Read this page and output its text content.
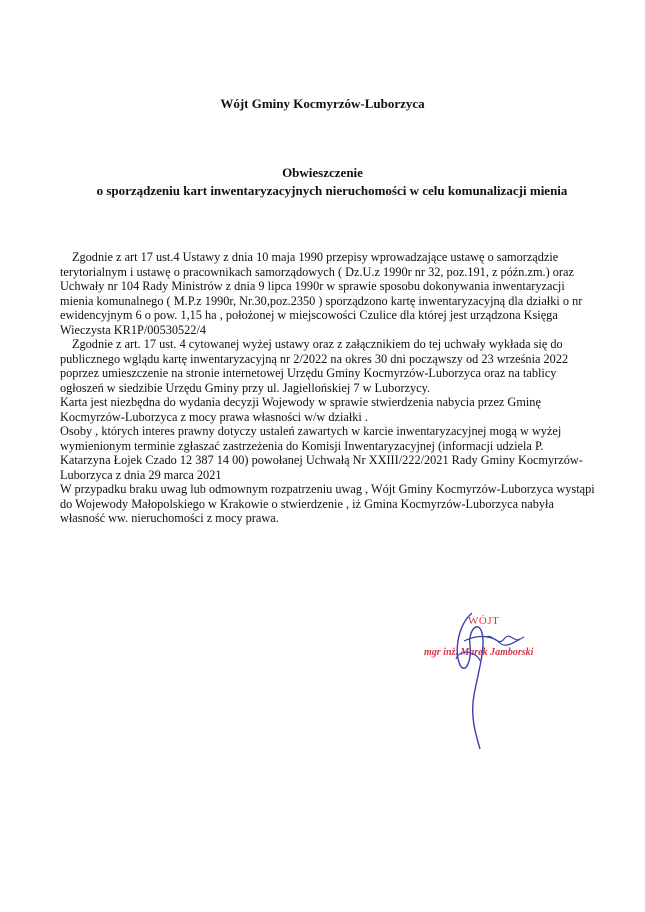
Wójt Gminy Kocmyrzów-Luborzyca
Obwieszczenie
o sporządzeniu kart inwentaryzacyjnych nieruchomości w celu komunalizacji mienia

Zgodnie z art 17 ust.4 Ustawy z dnia 10 maja 1990 przepisy wprowadzające ustawę o samorządzie terytorialnym i ustawę o pracownikach samorządowych ( Dz.U.z 1990r nr 32, poz.191, z późn.zm.) oraz Uchwały nr 104 Rady Ministrów z dnia 9 lipca 1990r w sprawie sposobu dokonywania inwentaryzacji mienia komunalnego ( M.P.z 1990r, Nr.30,poz.2350 ) sporządzono kartę inwentaryzacyjną dla działki o nr ewidencyjnym 6 o pow. 1,15 ha , położonej w miejscowości Czulice dla której jest urządzona Księga Wieczysta KR1P/00530522/4

Zgodnie z art. 17 ust. 4 cytowanej wyżej ustawy oraz z załącznikiem do tej uchwały wykłada się do publicznego wglądu kartę inwentaryzacyjną nr 2/2022 na okres 30 dni począwszy od 23 września 2022 poprzez umieszczenie na stronie internetowej Urzędu Gminy Kocmyrzów-Luborzyca oraz na tablicy ogłoszeń w siedzibie Urzędu Gminy przy ul. Jagiellońskiej 7 w Luborzycy.

Karta jest niezbędna do wydania decyzji Wojewody w sprawie stwierdzenia nabycia przez Gminę Kocmyrzów-Luborzyca z mocy prawa własności w/w działki .

Osoby , których interes prawny dotyczy ustaleń zawartych w karcie inwentaryzacyjnej mogą w wyżej wymienionym terminie zgłaszać zastrzeżenia do Komisji Inwentaryzacyjnej (informacji udziela P. Katarzyna Łojek Czado 12 387 14 00) powołanej Uchwałą Nr XXIII/222/2021 Rady Gminy Kocmyrzów-Luborzyca z dnia 29 marca 2021

W przypadku braku uwag lub odmownym rozpatrzeniu uwag , Wójt Gminy Kocmyrzów-Luborzyca wystąpi do Wojewody Małopolskiego w Krakowie o stwierdzenie , iż Gmina Kocmyrzów-Luborzyca nabyła własność ww. nieruchomości z mocy prawa.

WÓJT
mgr inż. Marek Jamborski
